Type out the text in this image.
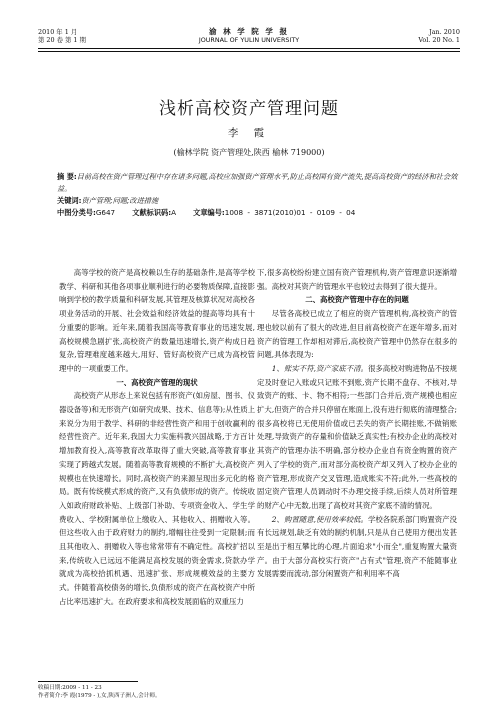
2010 年 1 月
第 20 卷 第 1 期
渝 林 学 院 学 报
JOURNAL OF YULIN UNIVERSITY
Jan. 2010
Vol. 20 No. 1
浅析高校资产管理问题
李 霞
(榆林学院 资产管理处,陕西 榆林 719000)
摘 要:目前高校在资产管理过程中存在诸多问题,高校应加强资产管理水平,防止高校国有资产流失,提高高校资产的经济和社会效益。
关键词:资产管理;问题;改进措施
中图分类号:G647 文献标识码:A 文章编号:1008 - 3871(2010)01 - 0109 - 04

高等学校的资产是高校赖以生存的基础条件,是高等学校教学、科研和其他各项事业顺利进行的必要物质保障,直接影响到学校的教学质量和科研发展,其管理及核算状况对高校各项业务活动的开展、社会效益和经济效益的提高等均具有十分重要的影响。近年来,随着我国高等教育事业的迅速发展,高校规模急剧扩张,高校资产的数量迅速增长,资产构成日趋复杂,管理难度越来越大,用好、管好高校资产已成为高校管理中的一项重要工作。

一、高校资产管理的现状

高校资产从形态上来说包括有形资产(如房屋、图书、仪器设备等)和无形资产(如研究成果、技术、信息等);从性质上来说分为用于教学、科研的非经营性资产和用于创收赢利的经营性资产。近年来,我国大力实施科教兴国战略,于方百计增加教育投入,高等教育改革取得了重大突破,高等教育事业实现了跨越式发展。随着高等教育规模的不断扩大,高校资产规模也在快速增长。同时,高校资产的来源呈现出多元化的格局。既有传统模式形成的资产,又有负债形成的资产。传统收入如政府财政补贴、上级部门补助、专项资金收入、学生学费收入、学校附属单位上缴收入、其他收入、捐赠收入等。但这些收入由于政府财力的制约,增幅往往受到一定限制;而且其他收入、捐赠收入等也常常带有不确定性。高校扩招以来,传统收入已远远不能满足高校发展的资金需求,贷款办学就成为高校拾抓机遇、迅速扩张、形成规模效益的主要方式。伴随着高校债务的增长,负债形成的资产在高校资产中所占比率迅速扩大。在政府要求和高校发展面临的双重压力

下,很多高校纷纷建立国有资产管理机构,资产管理意识逐渐增强。高校对其资产的管理水平也较过去得到了很大提升。

二、高校资产管理中存在的问题

尽管各高校已成立了相应的资产管理机构,高校资产的管理也较以前有了很大的改进,但目前高校资产在逐年增多,而对资产的管理工作却相对滞后,高校资产管理中仍然存在很多的问题,具体表现为:

1、账实不符,资产家底不清。很多高校对购进物品不按规定及时登记入账或只记账不到账,资产长期不盘存、不核对,导致资产的账、卡、物不相符;一些部门合并后,资产规模也相应扩大,但资产的合并只停留在账面上,没有进行彻底的清理整合;很多高校将已无使用价值或已丢失的资产长期挂账,不做销账处理,导致资产的存量和价值缺乏真实性;有校办企业的高校对其资产的管理办法不明确,部分校办企业自有资金购置的资产列入了学校的资产,而对部分高校资产却又列入了校办企业的资产管理,形成资产交叉管理,造成账实不符;此外,一些高校的固定资产管理人员调动时不办理交接手续,后续人员对所管理的财产心中无数,出现了高校对其资产家底不清的情况。

2、购置随意,使用效率较低。学校各院系部门购置资产没有长远规划,缺乏有效的制约机制,只是从自己使用方便出发甚至是出于相互攀比的心理,片面追求"小而全",重复购置大量资产。由于大部分高校实行资产"占有式"管理,资产不能随事业发展需要而流动,部分闲置资产和利用率不高

收稿日期:2009 - 11 - 23
作者简介:李 霞(1979 - ),女,陕西子洲人,会计师。
